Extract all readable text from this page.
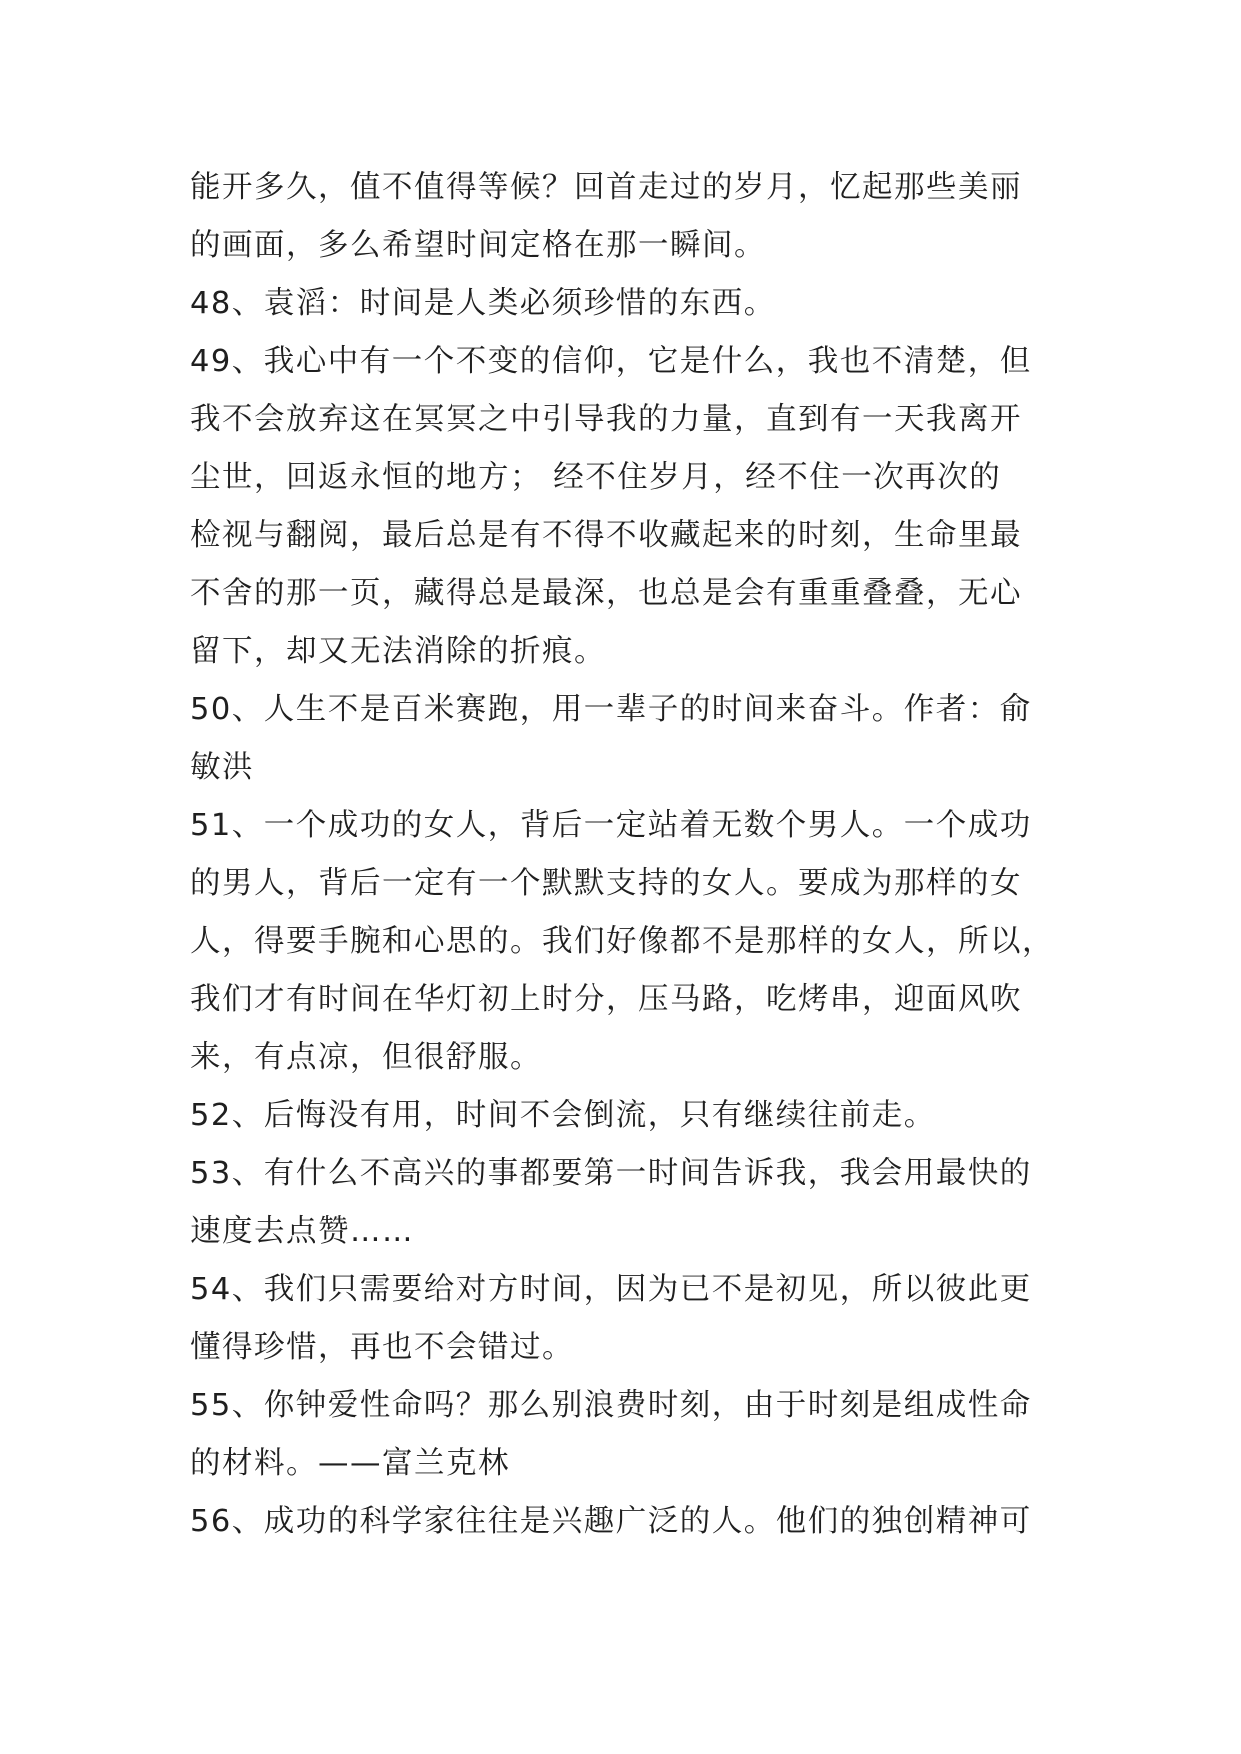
能开多久，值不值得等候？回首走过的岁月，忆起那些美丽

的画面，多么希望时间定格在那一瞬间。

48、袁滔：时间是人类必须珍惜的东西。

49、我心中有一个不变的信仰，它是什么，我也不清楚，但

我不会放弃这在冥冥之中引导我的力量，直到有一天我离开

尘世，回返永恒的地方； 经不住岁月，经不住一次再次的

检视与翻阅，最后总是有不得不收藏起来的时刻，生命里最

不舍的那一页，藏得总是最深，也总是会有重重叠叠，无心

留下，却又无法消除的折痕。

50、人生不是百米赛跑，用一辈子的时间来奋斗。作者：俞

敏洪

51、一个成功的女人，背后一定站着无数个男人。一个成功

的男人，背后一定有一个默默支持的女人。要成为那样的女

人，得要手腕和心思的。我们好像都不是那样的女人，所以，

我们才有时间在华灯初上时分，压马路，吃烤串，迎面风吹

来，有点凉，但很舒服。

52、后悔没有用，时间不会倒流，只有继续往前走。

53、有什么不高兴的事都要第一时间告诉我，我会用最快的

速度去点赞……

54、我们只需要给对方时间，因为已不是初见，所以彼此更

懂得珍惜，再也不会错过。

55、你钟爱性命吗？那么别浪费时刻，由于时刻是组成性命

的材料。——富兰克林

56、成功的科学家往往是兴趣广泛的人。他们的独创精神可
